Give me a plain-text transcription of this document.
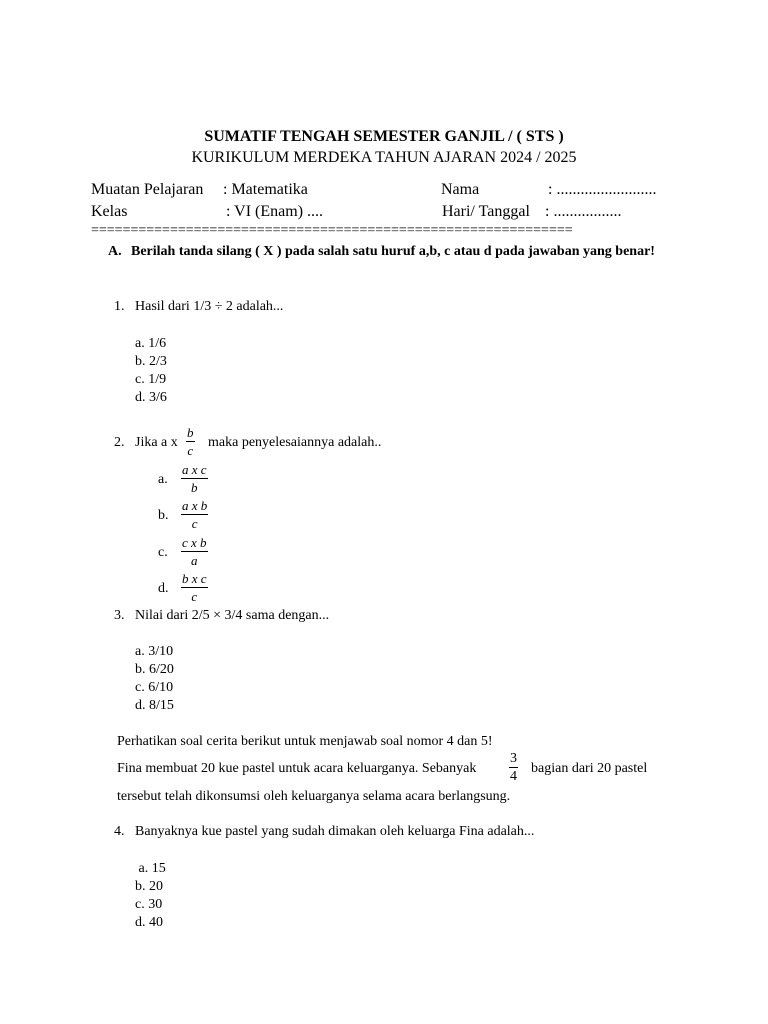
SUMATIF TENGAH SEMESTER GANJIL / ( STS )
KURIKULUM MERDEKA TAHUN AJARAN 2024 / 2025
Muatan Pelajaran : Matematika
Kelas	: VI (Enam) ....
Nama	: .........................
Hari/ Tanggal : .................
=============================================================
A. Berilah tanda silang ( X ) pada salah satu huruf a,b, c atau d pada jawaban yang benar!
1. Hasil dari 1/3 ÷ 2 adalah...
a. 1/6
b. 2/3
c. 1/9
d. 3/6
2. Jika a x $\frac{b}{c}$ maka penyelesaiannya adalah..
a. $\frac{\text{a x c}}{b}$
b. $\frac{\text{a x b}}{c}$
c. $\frac{\text{c x b}}{a}$
d. $\frac{\text{b x c}}{c}$
3. Nilai dari 2/5 × 3/4 sama dengan...
a. 3/10
b. 6/20
c. 6/10
d. 8/15
Perhatikan soal cerita berikut untuk menjawab soal nomor 4 dan 5!
Fina membuat 20 kue pastel untuk acara keluarganya. Sebanyak $\frac{3}{4}$ bagian dari 20 pastel
tersebut telah dikonsumsi oleh keluarganya selama acara berlangsung.
4. Banyaknya kue pastel yang sudah dimakan oleh keluarga Fina adalah...
a. 15
b. 20
c. 30
d. 40
